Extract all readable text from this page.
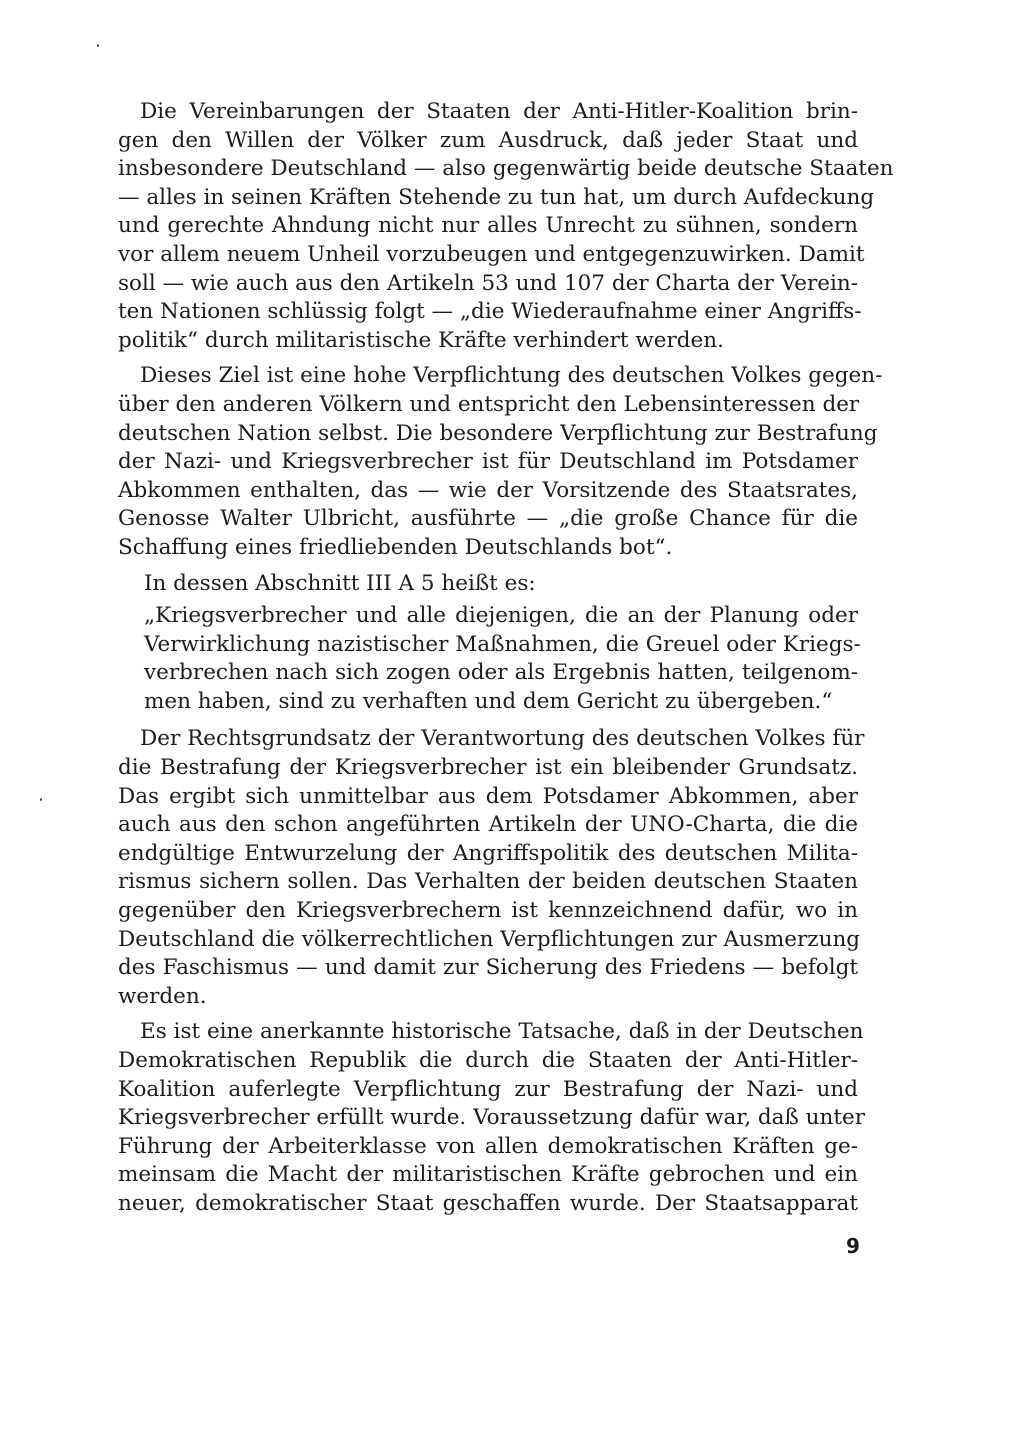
Die Vereinbarungen der Staaten der Anti-Hitler-Koalition brin-
gen den Willen der Völker zum Ausdruck, daß jeder Staat und
insbesondere Deutschland — also gegenwärtig beide deutsche Staaten
— alles in seinen Kräften Stehende zu tun hat, um durch Aufdeckung
und gerechte Ahndung nicht nur alles Unrecht zu sühnen, sondern
vor allem neuem Unheil vorzubeugen und entgegenzuwirken. Damit
soll — wie auch aus den Artikeln 53 und 107 der Charta der Verein-
ten Nationen schlüssig folgt — „die Wiederaufnahme einer Angriffs-
politik“ durch militaristische Kräfte verhindert werden.
Dieses Ziel ist eine hohe Verpflichtung des deutschen Volkes gegen-
über den anderen Völkern und entspricht den Lebensinteressen der
deutschen Nation selbst. Die besondere Verpflichtung zur Bestrafung
der Nazi- und Kriegsverbrecher ist für Deutschland im Potsdamer
Abkommen enthalten, das — wie der Vorsitzende des Staatsrates,
Genosse Walter Ulbricht, ausführte — „die große Chance für die
Schaffung eines friedliebenden Deutschlands bot“.
In dessen Abschnitt III A 5 heißt es:
„Kriegsverbrecher und alle diejenigen, die an der Planung oder
Verwirklichung nazistischer Maßnahmen, die Greuel oder Kriegs-
verbrechen nach sich zogen oder als Ergebnis hatten, teilgenom-
men haben, sind zu verhaften und dem Gericht zu übergeben.“
Der Rechtsgrundsatz der Verantwortung des deutschen Volkes für
die Bestrafung der Kriegsverbrecher ist ein bleibender Grundsatz.
Das ergibt sich unmittelbar aus dem Potsdamer Abkommen, aber
auch aus den schon angeführten Artikeln der UNO-Charta, die die
endgültige Entwurzelung der Angriffspolitik des deutschen Milita-
rismus sichern sollen. Das Verhalten der beiden deutschen Staaten
gegenüber den Kriegsverbrechern ist kennzeichnend dafür, wo in
Deutschland die völkerrechtlichen Verpflichtungen zur Ausmerzung
des Faschismus — und damit zur Sicherung des Friedens — befolgt
werden.
Es ist eine anerkannte historische Tatsache, daß in der Deutschen
Demokratischen Republik die durch die Staaten der Anti-Hitler-
Koalition auferlegte Verpflichtung zur Bestrafung der Nazi- und
Kriegsverbrecher erfüllt wurde. Voraussetzung dafür war, daß unter
Führung der Arbeiterklasse von allen demokratischen Kräften ge-
meinsam die Macht der militaristischen Kräfte gebrochen und ein
neuer, demokratischer Staat geschaffen wurde. Der Staatsapparat
9
